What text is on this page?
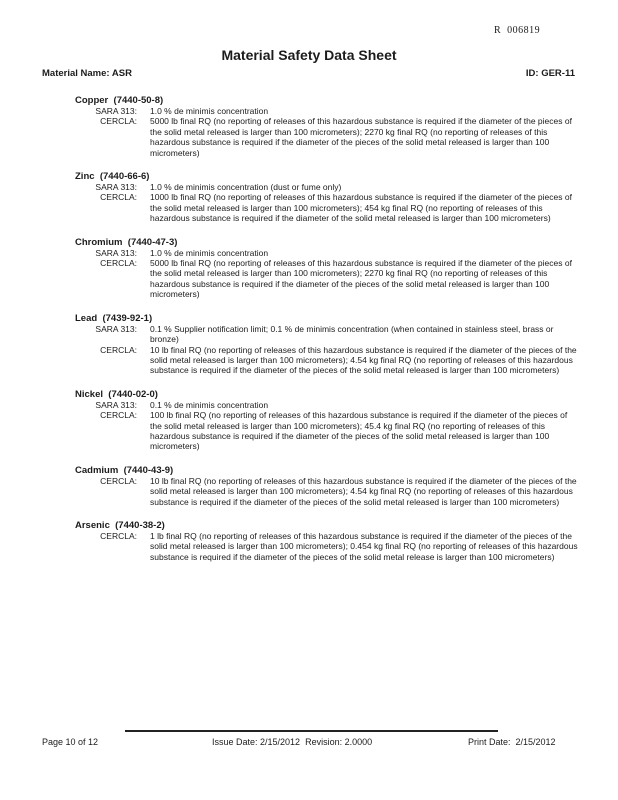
R  006819
Material Safety Data Sheet
Material Name: ASR	ID: GER-11
Copper (7440-50-8)
SARA 313: 1.0 % de minimis concentration
CERCLA: 5000 lb final RQ (no reporting of releases of this hazardous substance is required if the diameter of the pieces of the solid metal released is larger than 100 micrometers); 2270 kg final RQ (no reporting of releases of this hazardous substance is required if the diameter of the pieces of the solid metal released is larger than 100 micrometers)
Zinc (7440-66-6)
SARA 313: 1.0 % de minimis concentration (dust or fume only)
CERCLA: 1000 lb final RQ (no reporting of releases of this hazardous substance is required if the diameter of the pieces of the solid metal released is larger than 100 micrometers); 454 kg final RQ (no reporting of releases of this hazardous substance is required if the diameter of the solid metal released is larger than 100 micrometers)
Chromium (7440-47-3)
SARA 313: 1.0 % de minimis concentration
CERCLA: 5000 lb final RQ (no reporting of releases of this hazardous substance is required if the diameter of the pieces of the solid metal released is larger than 100 micrometers); 2270 kg final RQ (no reporting of releases of this hazardous substance is required if the diameter of the pieces of the solid metal released is larger than 100 micrometers)
Lead (7439-92-1)
SARA 313: 0.1 % Supplier notification limit; 0.1 % de minimis concentration (when contained in stainless steel, brass or bronze)
CERCLA: 10 lb final RQ (no reporting of releases of this hazardous substance is required if the diameter of the pieces of the solid metal released is larger than 100 micrometers); 4.54 kg final RQ (no reporting of releases of this hazardous substance is required if the diameter of the pieces of the solid metal released is larger than 100 micrometers)
Nickel (7440-02-0)
SARA 313: 0.1 % de minimis concentration
CERCLA: 100 lb final RQ (no reporting of releases of this hazardous substance is required if the diameter of the pieces of the solid metal released is larger than 100 micrometers); 45.4 kg final RQ (no reporting of releases of this hazardous substance is required if the diameter of the pieces of the solid metal released is larger than 100 micrometers)
Cadmium (7440-43-9)
CERCLA: 10 lb final RQ (no reporting of releases of this hazardous substance is required if the diameter of the pieces of the solid metal released is larger than 100 micrometers); 4.54 kg final RQ (no reporting of releases of this hazardous substance is required if the diameter of the pieces of the solid metal released is larger than 100 micrometers)
Arsenic (7440-38-2)
CERCLA: 1 lb final RQ (no reporting of releases of this hazardous substance is required if the diameter of the pieces of the solid metal released is larger than 100 micrometers); 0.454 kg final RQ (no reporting of releases of this hazardous substance is required if the diameter of the pieces of the solid metal release is larger than 100 micrometers)
Page 10 of 12	Issue Date: 2/15/2012  Revision: 2.0000	Print Date:  2/15/2012
